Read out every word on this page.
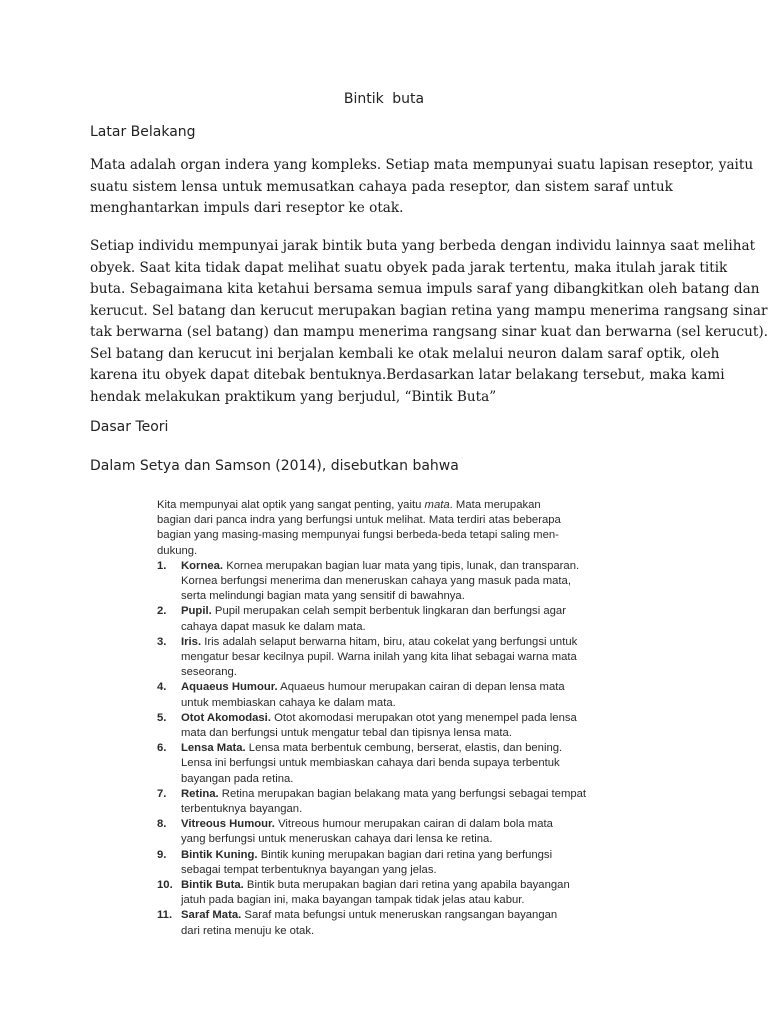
Bintik buta
Latar Belakang
Mata adalah organ indera yang kompleks. Setiap mata mempunyai suatu lapisan reseptor, yaitu
suatu sistem lensa untuk memusatkan cahaya pada reseptor, dan sistem saraf untuk
menghantarkan impuls dari reseptor ke otak.
Setiap individu mempunyai jarak bintik buta yang berbeda dengan individu lainnya saat melihat
obyek. Saat kita tidak dapat melihat suatu obyek pada jarak tertentu, maka itulah jarak titik
buta. Sebagaimana kita ketahui bersama semua impuls saraf yang dibangkitkan oleh batang dan
kerucut. Sel batang dan kerucut merupakan bagian retina yang mampu menerima rangsang sinar
tak berwarna (sel batang) dan mampu menerima rangsang sinar kuat dan berwarna (sel kerucut).
Sel batang dan kerucut ini berjalan kembali ke otak melalui neuron dalam saraf optik, oleh
karena itu obyek dapat ditebak bentuknya.Berdasarkan latar belakang tersebut, maka kami
hendak melakukan praktikum yang berjudul, “Bintik Buta”
Dasar Teori
Dalam Setya dan Samson (2014), disebutkan bahwa
Kita mempunyai alat optik yang sangat penting, yaitu mata. Mata merupakan
bagian dari panca indra yang berfungsi untuk melihat. Mata terdiri atas beberapa
bagian yang masing-masing mempunyai fungsi berbeda-beda tetapi saling men-
dukung.
1. Kornea. Kornea merupakan bagian luar mata yang tipis, lunak, dan transparan.
Kornea berfungsi menerima dan meneruskan cahaya yang masuk pada mata,
serta melindungi bagian mata yang sensitif di bawahnya.
2. Pupil. Pupil merupakan celah sempit berbentuk lingkaran dan berfungsi agar
cahaya dapat masuk ke dalam mata.
3. Iris. Iris adalah selaput berwarna hitam, biru, atau cokelat yang berfungsi untuk
mengatur besar kecilnya pupil. Warna inilah yang kita lihat sebagai warna mata
seseorang.
4. Aquaeus Humour. Aquaeus humour merupakan cairan di depan lensa mata
untuk membiaskan cahaya ke dalam mata.
5. Otot Akomodasi. Otot akomodasi merupakan otot yang menempel pada lensa
mata dan berfungsi untuk mengatur tebal dan tipisnya lensa mata.
6. Lensa Mata. Lensa mata berbentuk cembung, berserat, elastis, dan bening.
Lensa ini berfungsi untuk membiaskan cahaya dari benda supaya terbentuk
bayangan pada retina.
7. Retina. Retina merupakan bagian belakang mata yang berfungsi sebagai tempat
terbentuknya bayangan.
8. Vitreous Humour. Vitreous humour merupakan cairan di dalam bola mata
yang berfungsi untuk meneruskan cahaya dari lensa ke retina.
9. Bintik Kuning. Bintik kuning merupakan bagian dari retina yang berfungsi
sebagai tempat terbentuknya bayangan yang jelas.
10. Bintik Buta. Bintik buta merupakan bagian dari retina yang apabila bayangan
jatuh pada bagian ini, maka bayangan tampak tidak jelas atau kabur.
11. Saraf Mata. Saraf mata befungsi untuk meneruskan rangsangan bayangan
dari retina menuju ke otak.
